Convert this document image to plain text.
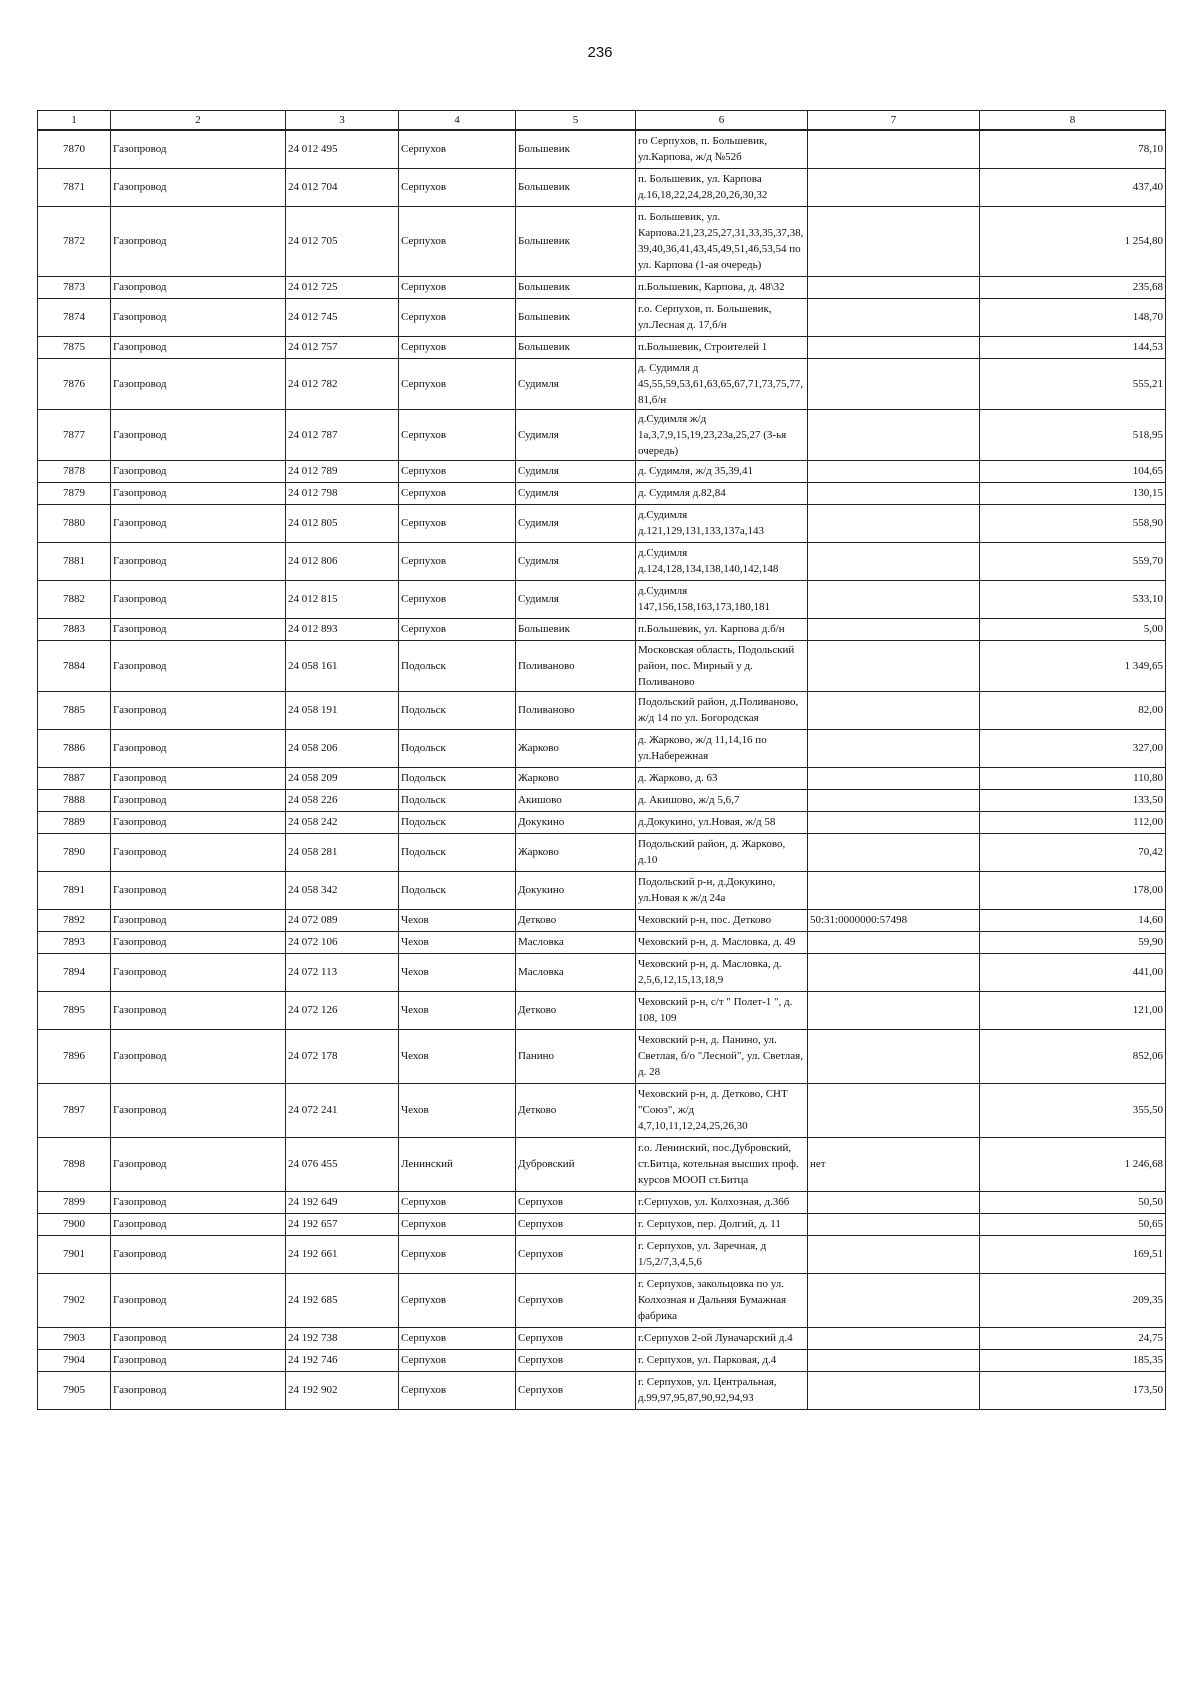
236
1	2	3	4	5	6	7	8
7870	Газопровод	24 012 495	Серпухов	Большевик	го Серпухов, п. Большевик, ул.Карпова, ж/д №52б		78,10
7871	Газопровод	24 012 704	Серпухов	Большевик	п. Большевик, ул. Карпова д.16,18,22,24,28,20,26,30,32		437,40
7872	Газопровод	24 012 705	Серпухов	Большевик	п. Большевик, ул. Карпова.21,23,25,27,31,33,35,37,38,39,40,36,41,43,45,49,51,46,53,54 по ул. Карпова (1-ая очередь)		1 254,80
7873	Газопровод	24 012 725	Серпухов	Большевик	п.Большевик, Карпова, д. 48\32		235,68
7874	Газопровод	24 012 745	Серпухов	Большевик	г.о. Серпухов, п. Большевик, ул.Лесная д. 17,б/н		148,70
7875	Газопровод	24 012 757	Серпухов	Большевик	п.Большевик, Строителей 1		144,53
7876	Газопровод	24 012 782	Серпухов	Судимля	д. Судимля д 45,55,59,53,61,63,65,67,71,73,75,77,81,б/н		555,21
7877	Газопровод	24 012 787	Серпухов	Судимля	д.Судимля ж/д 1а,3,7,9,15,19,23,23а,25,27 (3-ья очередь)		518,95
7878	Газопровод	24 012 789	Серпухов	Судимля	д. Судимля, ж/д 35,39,41		104,65
7879	Газопровод	24 012 798	Серпухов	Судимля	д. Судимля д.82,84		130,15
7880	Газопровод	24 012 805	Серпухов	Судимля	д.Судимля д.121,129,131,133,137а,143		558,90
7881	Газопровод	24 012 806	Серпухов	Судимля	д.Судимля д.124,128,134,138,140,142,148		559,70
7882	Газопровод	24 012 815	Серпухов	Судимля	д.Судимля 147,156,158,163,173,180,181		533,10
7883	Газопровод	24 012 893	Серпухов	Большевик	п.Большевик, ул. Карпова д.б/н		5,00
7884	Газопровод	24 058 161	Подольск	Поливаново	Московская область, Подольский район, пос. Мирный у д. Поливаново		1 349,65
7885	Газопровод	24 058 191	Подольск	Поливаново	Подольский район, д.Поливаново, ж/д 14 по ул. Богородская		82,00
7886	Газопровод	24 058 206	Подольск	Жарково	д. Жарково, ж/д 11,14,16 по ул.Набережная		327,00
7887	Газопровод	24 058 209	Подольск	Жарково	д. Жарково, д. 63		110,80
7888	Газопровод	24 058 226	Подольск	Акишово	д. Акишово, ж/д 5,6,7		133,50
7889	Газопровод	24 058 242	Подольск	Докукино	д.Докукино, ул.Новая, ж/д 58		112,00
7890	Газопровод	24 058 281	Подольск	Жарково	Подольский район, д. Жарково, д.10		70,42
7891	Газопровод	24 058 342	Подольск	Докукино	Подольский р-н, д.Докукино, ул.Новая к ж/д 24а		178,00
7892	Газопровод	24 072 089	Чехов	Детково	Чеховский р-н, пос. Детково	50:31:0000000:57498	14,60
7893	Газопровод	24 072 106	Чехов	Масловка	Чеховский р-н, д. Масловка, д. 49		59,90
7894	Газопровод	24 072 113	Чехов	Масловка	Чеховский р-н, д. Масловка, д. 2,5,6,12,15,13,18,9		441,00
7895	Газопровод	24 072 126	Чехов	Детково	Чеховский р-н, с/т " Полет-1 ", д. 108, 109		121,00
7896	Газопровод	24 072 178	Чехов	Панино	Чеховский р-н, д. Панино, ул. Светлая, б/о "Лесной", ул. Светлая, д. 28		852,06
7897	Газопровод	24 072 241	Чехов	Детково	Чеховский р-н, д. Детково, СНТ "Союз", ж/д 4,7,10,11,12,24,25,26,30		355,50
7898	Газопровод	24 076 455	Ленинский	Дубровский	г.о. Ленинский, пос.Дубровский, ст.Битца, котельная высших проф. курсов МООП ст.Битца	нет	1 246,68
7899	Газопровод	24 192 649	Серпухов	Серпухов	г.Серпухов, ул. Колхозная, д.36б		50,50
7900	Газопровод	24 192 657	Серпухов	Серпухов	г. Серпухов, пер. Долгий, д. 11		50,65
7901	Газопровод	24 192 661	Серпухов	Серпухов	г. Серпухов, ул. Заречная, д 1/5,2/7,3,4,5,6		169,51
7902	Газопровод	24 192 685	Серпухов	Серпухов	г. Серпухов, закольцовка по ул. Колхозная и Дальняя Бумажная фабрика		209,35
7903	Газопровод	24 192 738	Серпухов	Серпухов	г.Серпухов 2-ой Луначарский д.4		24,75
7904	Газопровод	24 192 746	Серпухов	Серпухов	г. Серпухов, ул. Парковая, д.4		185,35
7905	Газопровод	24 192 902	Серпухов	Серпухов	г. Серпухов, ул. Центральная, д.99,97,95,87,90,92,94,93		173,50
